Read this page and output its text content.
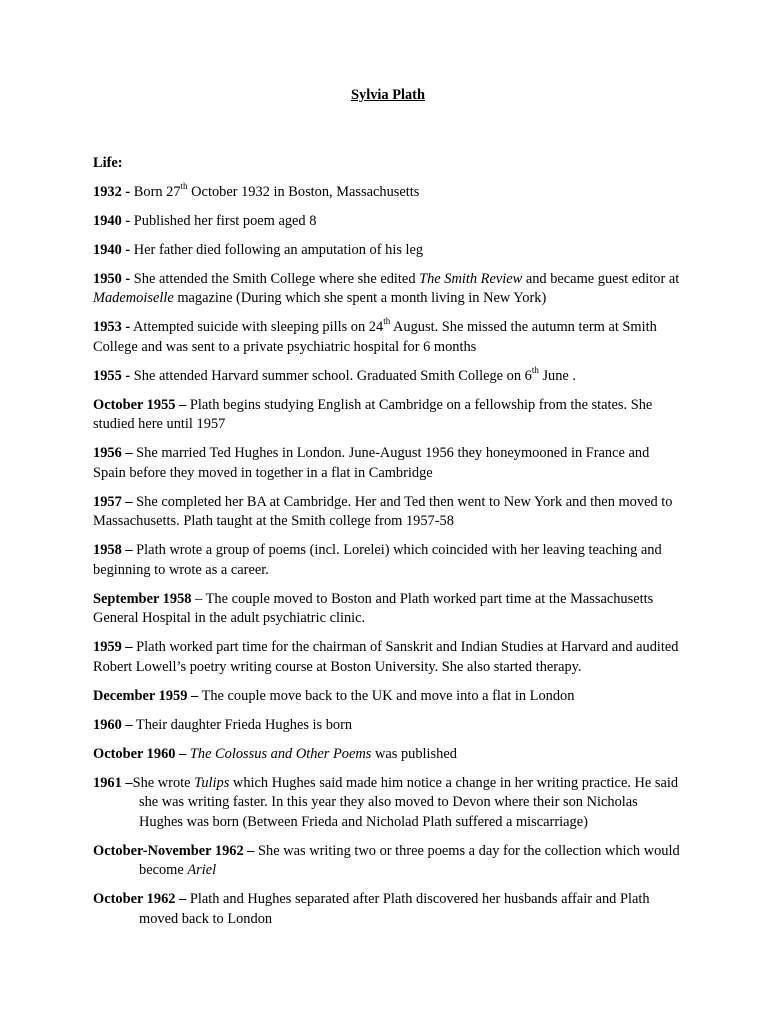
Sylvia Plath

Life:

1932 - Born 27th October 1932 in Boston, Massachusetts

1940 - Published her first poem aged 8

1940 - Her father died following an amputation of his leg

1950 - She attended the Smith College where she edited The Smith Review and became guest editor at Mademoiselle magazine (During which she spent a month living in New York)

1953 - Attempted suicide with sleeping pills on 24th August. She missed the autumn term at Smith College and was sent to a private psychiatric hospital for 6 months

1955 - She attended Harvard summer school. Graduated Smith College on 6th June .

October 1955 – Plath begins studying English at Cambridge on a fellowship from the states. She studied here until 1957

1956 – She married Ted Hughes in London. June-August 1956 they honeymooned in France and Spain before they moved in together in a flat in Cambridge

1957 – She completed her BA at Cambridge. Her and Ted then went to New York and then moved to Massachusetts. Plath taught at the Smith college from 1957-58

1958 – Plath wrote a group of poems (incl. Lorelei) which coincided with her leaving teaching and beginning to wrote as a career.

September 1958 – The couple moved to Boston and Plath worked part time at the Massachusetts General Hospital in the adult psychiatric clinic.

1959 – Plath worked part time for the chairman of Sanskrit and Indian Studies at Harvard and audited Robert Lowell’s poetry writing course at Boston University. She also started therapy.

December 1959 – The couple move back to the UK and move into a flat in London

1960 – Their daughter Frieda Hughes is born

October 1960 – The Colossus and Other Poems was published

1961 –She wrote Tulips which Hughes said made him notice a change in her writing practice. He said she was writing faster. In this year they also moved to Devon where their son Nicholas Hughes was born (Between Frieda and Nicholad Plath suffered a miscarriage)

October-November 1962 – She was writing two or three poems a day for the collection which would become Ariel

October 1962 – Plath and Hughes separated after Plath discovered her husbands affair and Plath moved back to London
